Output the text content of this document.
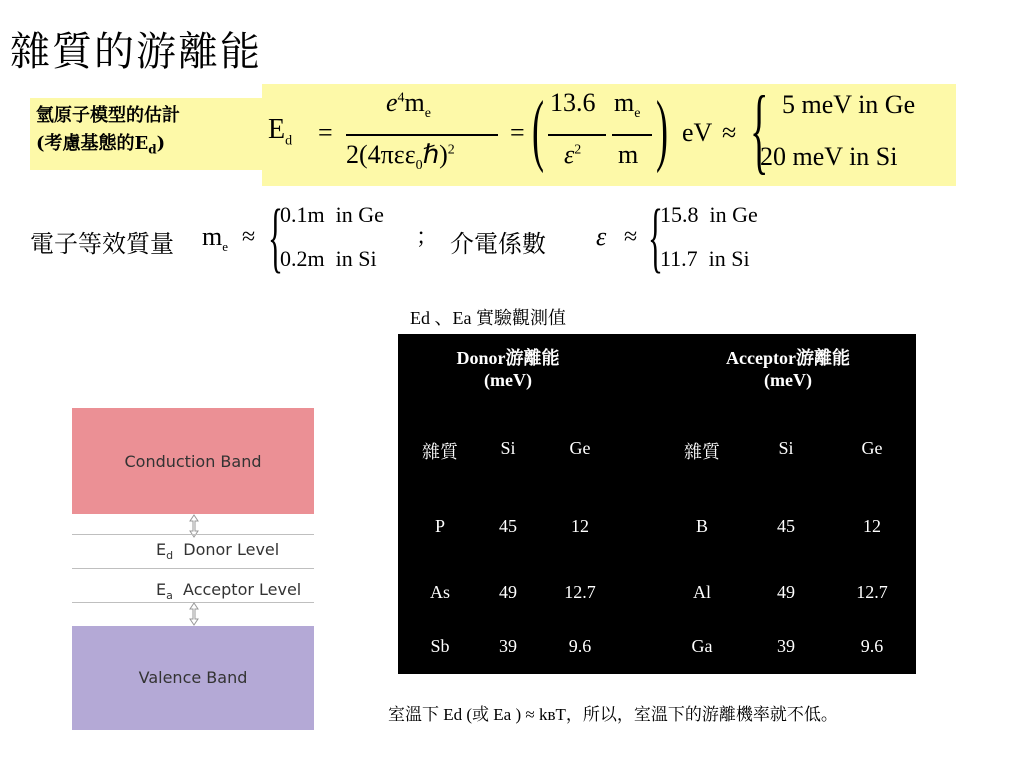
雜質的游離能
氫原子模型的估計
(考慮基態的$E_d$)	$E_d$ =
$e^4m_e$
2(4πεε$_0$ℏ)$^2$
= ( 13.6
$\varepsilon^2$
$m_e$
m ) eV ≈ { 5 meV in Ge
20 meV in Si
電子等效質量 $m_e$ ≈ {
0.1m  in Ge
0.2m  in Si
； 介電係數 ε ≈ {
15.8  in Ge
11.7  in Si
Ed 、Ea 實驗觀測值
Donor游離能
(meV)
Acceptor游離能
(meV)
雜質	Si	Ge	雜質	Si	Ge
P	45	12	B	45	12
As	49	12.7	Al	49	12.7
Sb	39	9.6	Ga	39	9.6
Conduction Band
$E_d$ Donor Level
$E_a$ Acceptor Level
Valence Band
室溫下 Ed (或 Ea ) ≈ kʙT，所以，室溫下的游離機率就不低。
